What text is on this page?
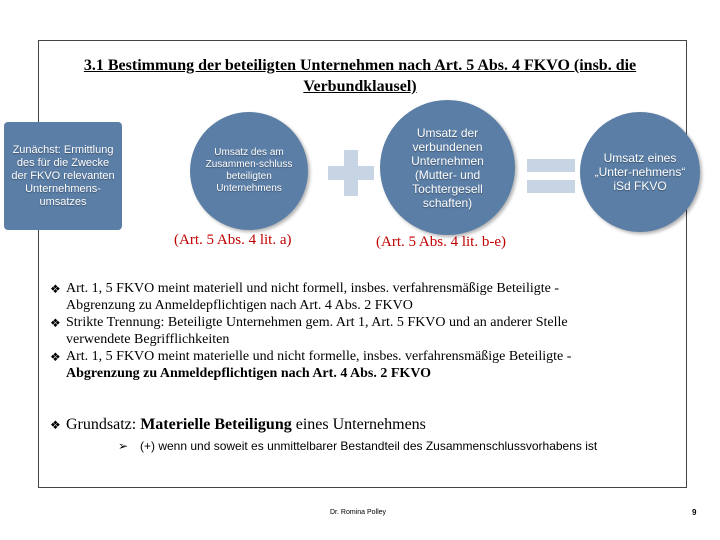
3.1 Bestimmung der beteiligten Unternehmen nach Art. 5 Abs. 4 FKVO (insb. die Verbundklausel)
Zunächst: Ermittlung des für die Zwecke der FKVO relevanten Unternehmens-umsatzes
Umsatz des am Zusammen-schluss beteiligten Unternehmens
Umsatz der verbundenen Unternehmen (Mutter- und Tochtergesell schaften)
Umsatz eines „Unter-nehmens“ iSd FKVO
(Art. 5 Abs. 4 lit. a)	(Art. 5 Abs. 4 lit. b-e)
❖ Art. 1, 5 FKVO meint materiell und nicht formell, insbes. verfahrensmäßige Beteiligte -
Abgrenzung zu Anmeldepflichtigen nach Art. 4 Abs. 2 FKVO
❖ Strikte Trennung: Beteiligte Unternehmen gem. Art 1, Art. 5 FKVO und an anderer Stelle
verwendete Begrifflichkeiten
❖ Art. 1, 5 FKVO meint materielle und nicht formelle, insbes. verfahrensmäßige Beteiligte -
Abgrenzung zu Anmeldepflichtigen nach Art. 4 Abs. 2 FKVO
❖ Grundsatz: Materielle Beteiligung eines Unternehmens
➢ (+) wenn und soweit es unmittelbarer Bestandteil des Zusammenschlussvorhabens ist
Dr. Romina Polley	9
